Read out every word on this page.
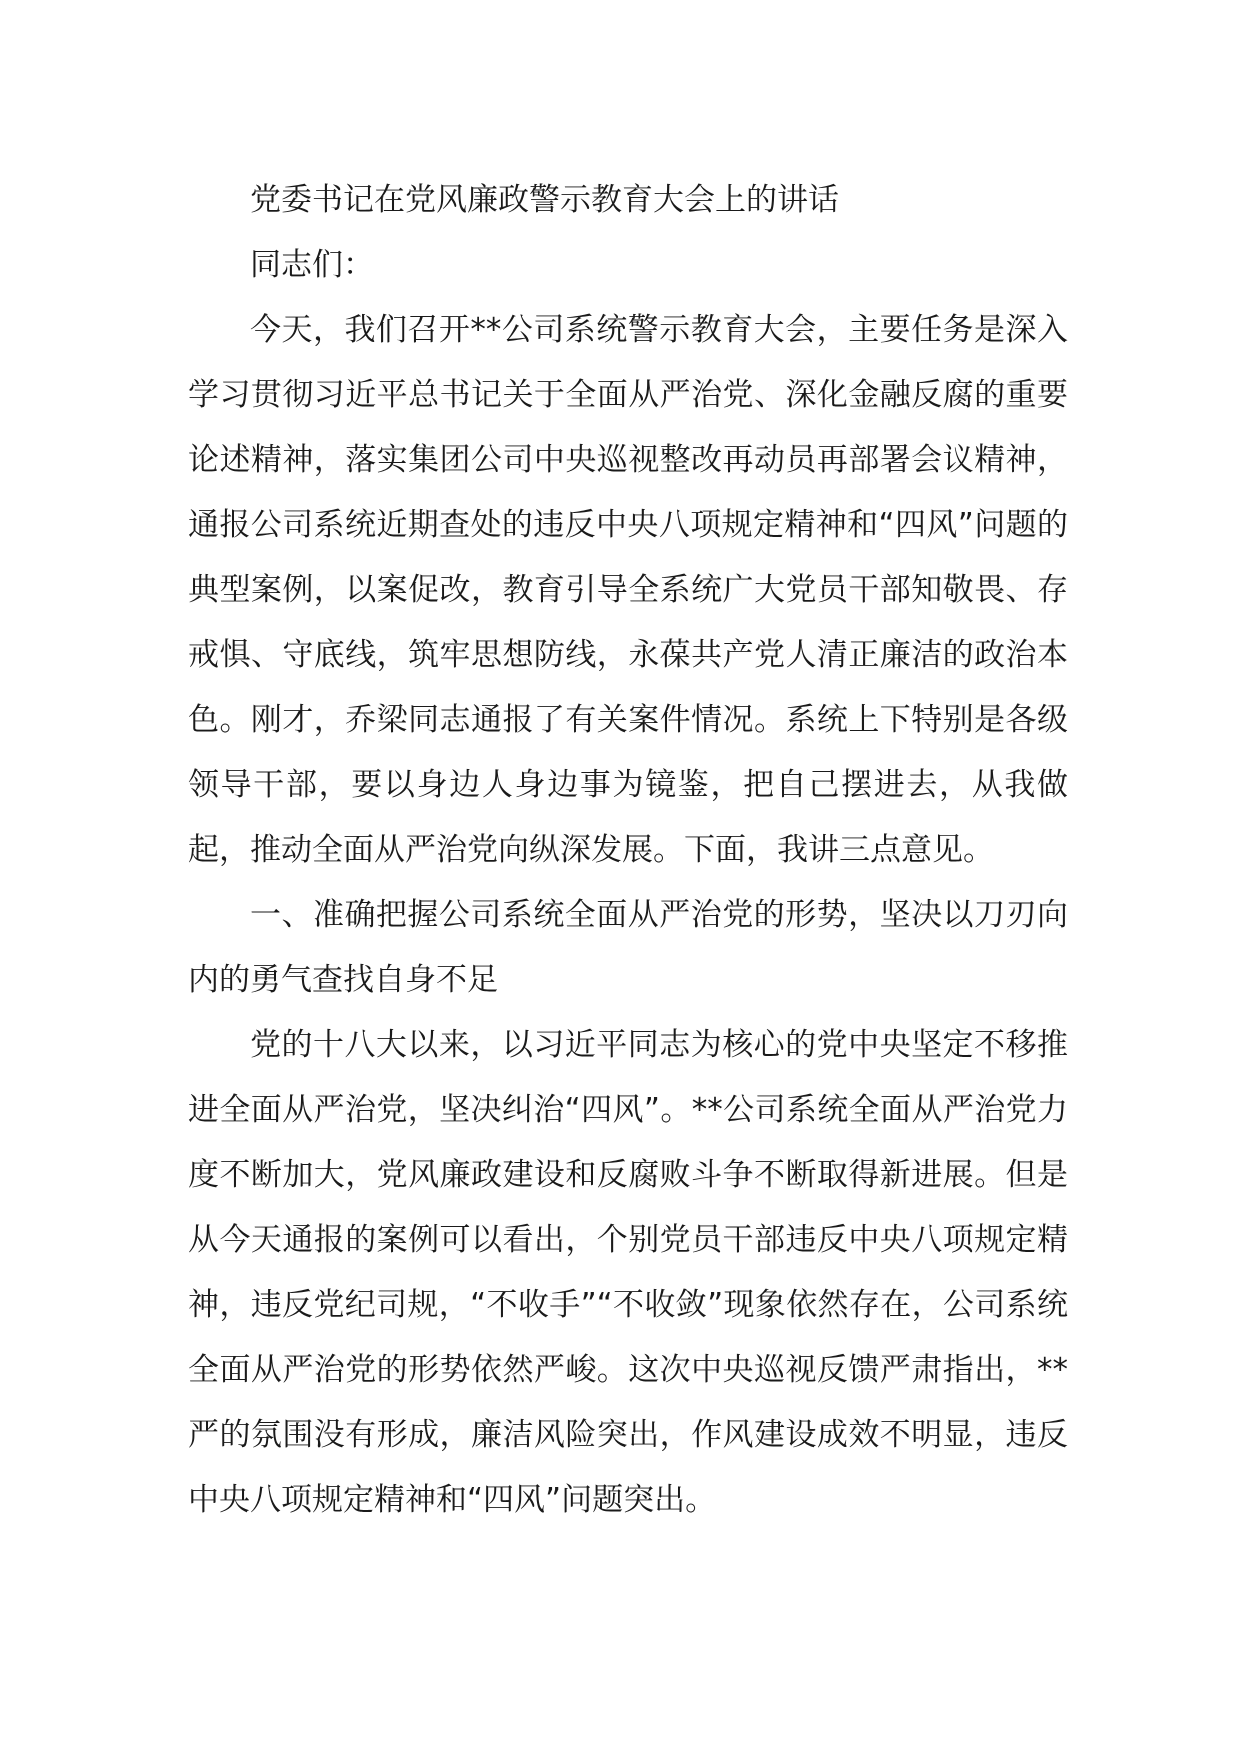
党委书记在党风廉政警示教育大会上的讲话

同志们：

今天，我们召开**公司系统警示教育大会，主要任务是深入学习贯彻习近平总书记关于全面从严治党、深化金融反腐的重要论述精神，落实集团公司中央巡视整改再动员再部署会议精神，通报公司系统近期查处的违反中央八项规定精神和“四风”问题的典型案例，以案促改，教育引导全系统广大党员干部知敬畏、存戒惧、守底线，筑牢思想防线，永葆共产党人清正廉洁的政治本色。刚才，乔梁同志通报了有关案件情况。系统上下特别是各级领导干部，要以身边人身边事为镜鉴，把自己摆进去，从我做起，推动全面从严治党向纵深发展。下面，我讲三点意见。

一、准确把握公司系统全面从严治党的形势，坚决以刀刃向内的勇气查找自身不足

党的十八大以来，以习近平同志为核心的党中央坚定不移推进全面从严治党，坚决纠治“四风”。**公司系统全面从严治党力度不断加大，党风廉政建设和反腐败斗争不断取得新进展。但是从今天通报的案例可以看出，个别党员干部违反中央八项规定精神，违反党纪司规，“不收手”“不收敛”现象依然存在，公司系统全面从严治党的形势依然严峻。这次中央巡视反馈严肃指出，**严的氛围没有形成，廉洁风险突出，作风建设成效不明显，违反中央八项规定精神和“四风”问题突出。
